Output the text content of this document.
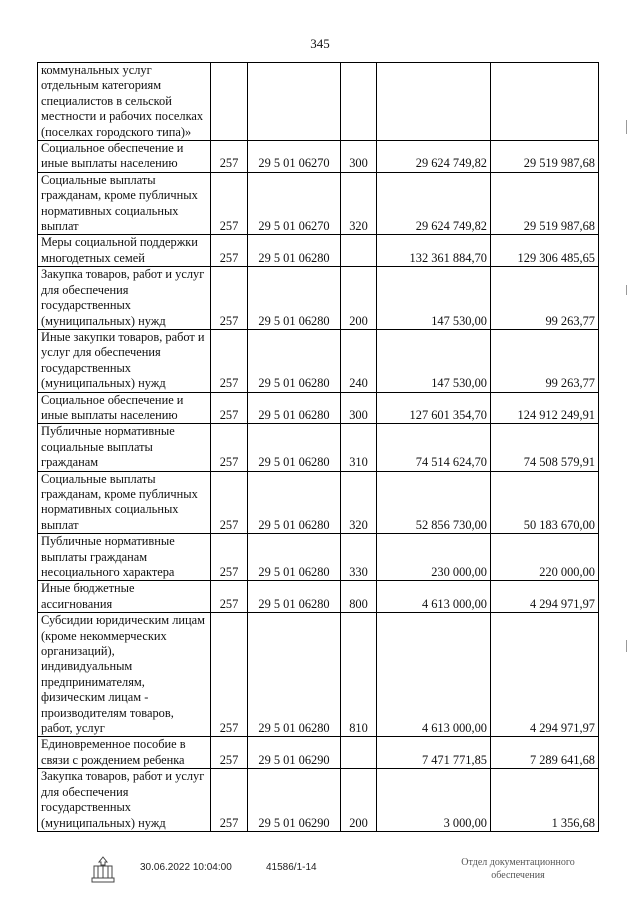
345
коммунальных услуг отдельным категориям специалистов в сельской местности и рабочих поселках (поселках городского типа)»					
Социальное обеспечение и иные выплаты населению	257	29 5 01 06270	300	29 624 749,82	29 519 987,68
Социальные выплаты гражданам, кроме публичных нормативных социальных выплат	257	29 5 01 06270	320	29 624 749,82	29 519 987,68
Меры социальной поддержки многодетных семей	257	29 5 01 06280		132 361 884,70	129 306 485,65
Закупка товаров, работ и услуг для обеспечения государственных (муниципальных) нужд	257	29 5 01 06280	200	147 530,00	99 263,77
Иные закупки товаров, работ и услуг для обеспечения государственных (муниципальных) нужд	257	29 5 01 06280	240	147 530,00	99 263,77
Социальное обеспечение и иные выплаты населению	257	29 5 01 06280	300	127 601 354,70	124 912 249,91
Публичные нормативные социальные выплаты гражданам	257	29 5 01 06280	310	74 514 624,70	74 508 579,91
Социальные выплаты гражданам, кроме публичных нормативных социальных выплат	257	29 5 01 06280	320	52 856 730,00	50 183 670,00
Публичные нормативные выплаты гражданам несоциального характера	257	29 5 01 06280	330	230 000,00	220 000,00
Иные бюджетные ассигнования	257	29 5 01 06280	800	4 613 000,00	4 294 971,97
Субсидии юридическим лицам (кроме некоммерческих организаций), индивидуальным предпринимателям, физическим лицам - производителям товаров, работ, услуг	257	29 5 01 06280	810	4 613 000,00	4 294 971,97
Единовременное пособие в связи с рождением ребенка	257	29 5 01 06290		7 471 771,85	7 289 641,68
Закупка товаров, работ и услуг для обеспечения государственных (муниципальных) нужд	257	29 5 01 06290	200	3 000,00	1 356,68
30.06.2022 10:04:00	41586/1-14	Отдел документационного
обеспечения
